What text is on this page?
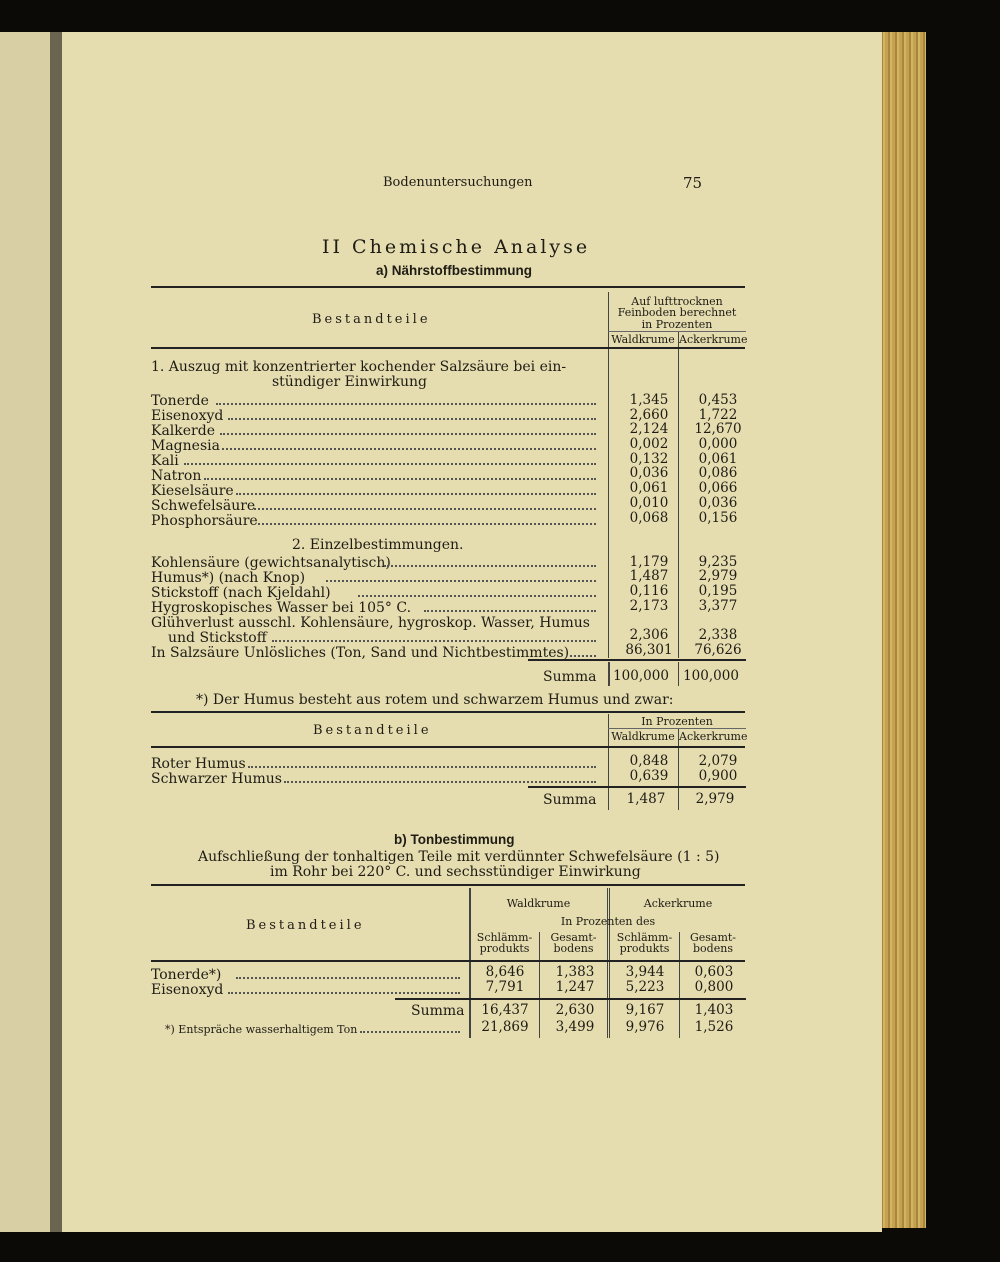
Bodenuntersuchungen	75
II Chemische Analyse
a) Nährstoffbestimmung
Bestandteile
Auf lufttrocknen
Feinboden berechnet
in Prozenten
Waldkrume Ackerkrume
1. Auszug mit konzentrierter kochender Salzsäure bei ein-
stündiger Einwirkung
Tonerde	1,345	0,453
Eisenoxyd	2,660	1,722
Kalkerde	2,124	12,670
Magnesia	0,002	0,000
Kali	0,132	0,061
Natron	0,036	0,086
Kieselsäure	0,061	0,066
Schwefelsäure	0,010	0,036
Phosphorsäure	0,068	0,156
2. Einzelbestimmungen.
Kohlensäure (gewichtsanalytisch)	1,179	9,235
Humus*) (nach Knop)	1,487	2,979
Stickstoff (nach Kjeldahl)	0,116	0,195
Hygroskopisches Wasser bei 105° C.	2,173	3,377
Glühverlust ausschl. Kohlensäure, hygroskop. Wasser, Humus
und Stickstoff	2,306	2,338
In Salzsäure Unlösliches (Ton, Sand und Nichtbestimmtes)	86,301	76,626
Summa	100,000	100,000
*) Der Humus besteht aus rotem und schwarzem Humus und zwar:
Bestandteile
In Prozenten
Waldkrume Ackerkrume
Roter Humus	0,848	2,079
Schwarzer Humus	0,639	0,900
Summa	1,487	2,979
b) Tonbestimmung
Aufschließung der tonhaltigen Teile mit verdünnter Schwefelsäure (1 : 5)
im Rohr bei 220° C. und sechsstündiger Einwirkung
Bestandteile
Waldkrume	Ackerkrume
In Prozenten des
Schlämm-
produkts
Gesamt-
bodens
Schlämm-
produkts
Gesamt-
bodens
Tonerde*)	8,646	1,383	3,944	0,603
Eisenoxyd	7,791	1,247	5,223	0,800
Summa	16,437	2,630	9,167	1,403
*) Entspräche wasserhaltigem Ton	21,869	3,499	9,976	1,526
